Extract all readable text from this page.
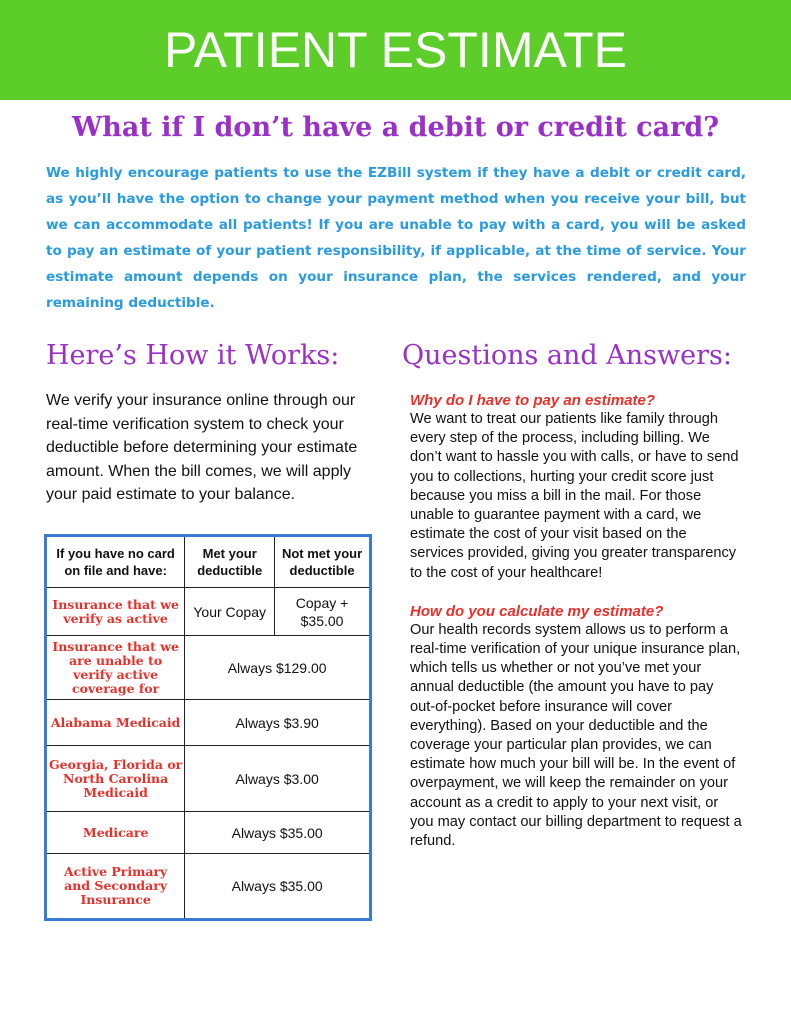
PATIENT ESTIMATE
What if I don’t have a debit or credit card?

We highly encourage patients to use the EZBill system if they have a debit or credit card, as you’ll have the option to change your payment method when you receive your bill, but we can accommodate all patients! If you are unable to pay with a card, you will be asked to pay an estimate of your patient responsibility, if applicable, at the time of service. Your estimate amount depends on your insurance plan, the services rendered, and your remaining deductible.

Here’s How it Works: Questions and Answers:

We verify your insurance online through our real-time verification system to check your deductible before determining your estimate amount. When the bill comes, we will apply your paid estimate to your balance.

If you have no card on file and have:	Met your deductible	Not met your deductible
Insurance that we verify as active	Your Copay	Copay + $35.00
Insurance that we are unable to verify active coverage for	Always $129.00	
Alabama Medicaid	Always $3.90	
Georgia, Florida or North Carolina Medicaid	Always $3.00	
Medicare	Always $35.00	
Active Primary and Secondary Insurance	Always $35.00	

Why do I have to pay an estimate?

We want to treat our patients like family through every step of the process, including billing. We don’t want to hassle you with calls, or have to send you to collections, hurting your credit score just because you miss a bill in the mail. For those unable to guarantee payment with a card, we estimate the cost of your visit based on the services provided, giving you greater transparency to the cost of your healthcare!

How do you calculate my estimate?

Our health records system allows us to perform a real-time verification of your unique insurance plan, which tells us whether or not you’ve met your annual deductible (the amount you have to pay out-of-pocket before insurance will cover everything). Based on your deductible and the coverage your particular plan provides, we can estimate how much your bill will be. In the event of overpayment, we will keep the remainder on your account as a credit to apply to your next visit, or you may contact our billing department to request a refund.
